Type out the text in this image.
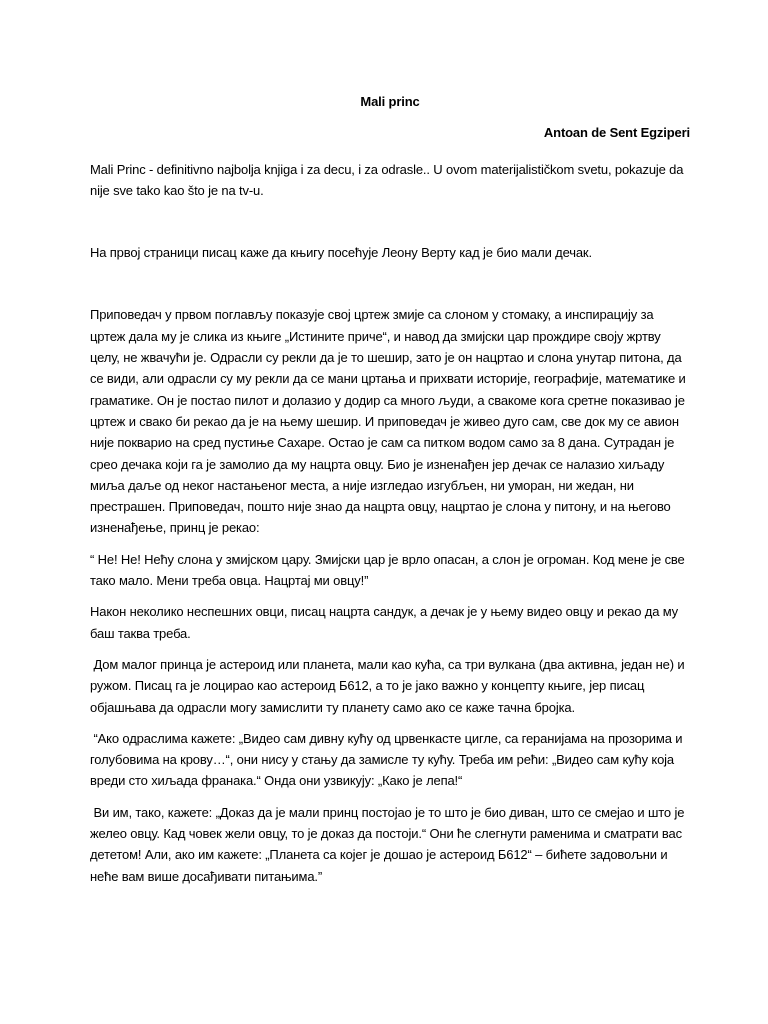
Mali princ
Antoan de Sent Egziperi
Mali Princ - definitivno najbolja knjiga i za decu, i za odrasle.. U ovom materijalističkom svetu, pokazuje da nije sve tako kao što je na tv-u.
На првој страници писац каже да књигу посећује Леону Верту кад је био мали дечак.
Приповедач у првом поглављу показује свој цртеж змије са слоном у стомаку, а инспирацију за цртеж дала му је слика из књиге „Истините приче“, и навод да змијски цар прождире своју жртву целу, не жвачући је. Одрасли су рекли да је то шешир, зато је он нацртао и слона унутар питона, да се види, али одрасли су му рекли да се мани цртања и прихвати историје, географије, математике и граматике. Он је постао пилот и долазио у додир са много људи, а свакоме кога сретне показивао је цртеж и свако би рекао да је на њему шешир. И приповедач је живео дуго сам, све док му се авион није покварио на сред пустиње Сахаре. Остао је сам са питком водом само за 8 дана. Сутрадан је срео дечака који га је замолио да му нацрта овцу. Био је изненађен јер дечак се налазио хиљаду миља даље од неког настањеног места, а није изгледао изгубљен, ни уморан, ни жедан, ни престрашен. Приповедач, пошто није знао да нацрта овцу, нацртао је слона у питону, и на његово изненађење, принц је рекао:
“ Не! Не! Нећу слона у змијском цару. Змијски цар је врло опасан, а слон је огроман. Код мене је све тако мало. Мени треба овца. Нацртај ми овцу!”
Након неколико неспешних овци, писац нацрта сандук, а дечак је у њему видео овцу и рекао да му баш таква треба.
Дом малог принца је астероид или планета, мали као кућа, са три вулкана (два активна, један не) и ружом. Писац га је лоцирао као астероид Б612, а то је јако важно у концепту књиге, јер писац објашњава да одрасли могу замислити ту планету само ако се каже тачна бројка.
“Ако одраслима кажете: „Видео сам дивну кућу од црвенкасте цигле, са геранијама на прозорима и голубовима на крову…“, они нису у стању да замисле ту кућу. Треба им рећи: „Видео сам кућу која вреди сто хиљада франака.“ Онда они узвикују: „Како је лепа!“
Ви им, тако, кажете: „Доказ да је мали принц постојао је то што је био диван, што се смејао и што је желео овцу. Кад човек жели овцу, то је доказ да постоји.“ Они ће слегнути раменима и сматрати вас дететом! Али, ако им кажете: „Планета са којег је дошао је астероид Б612“ – бићете задовољни и неће вам више досађивати питањима.”
